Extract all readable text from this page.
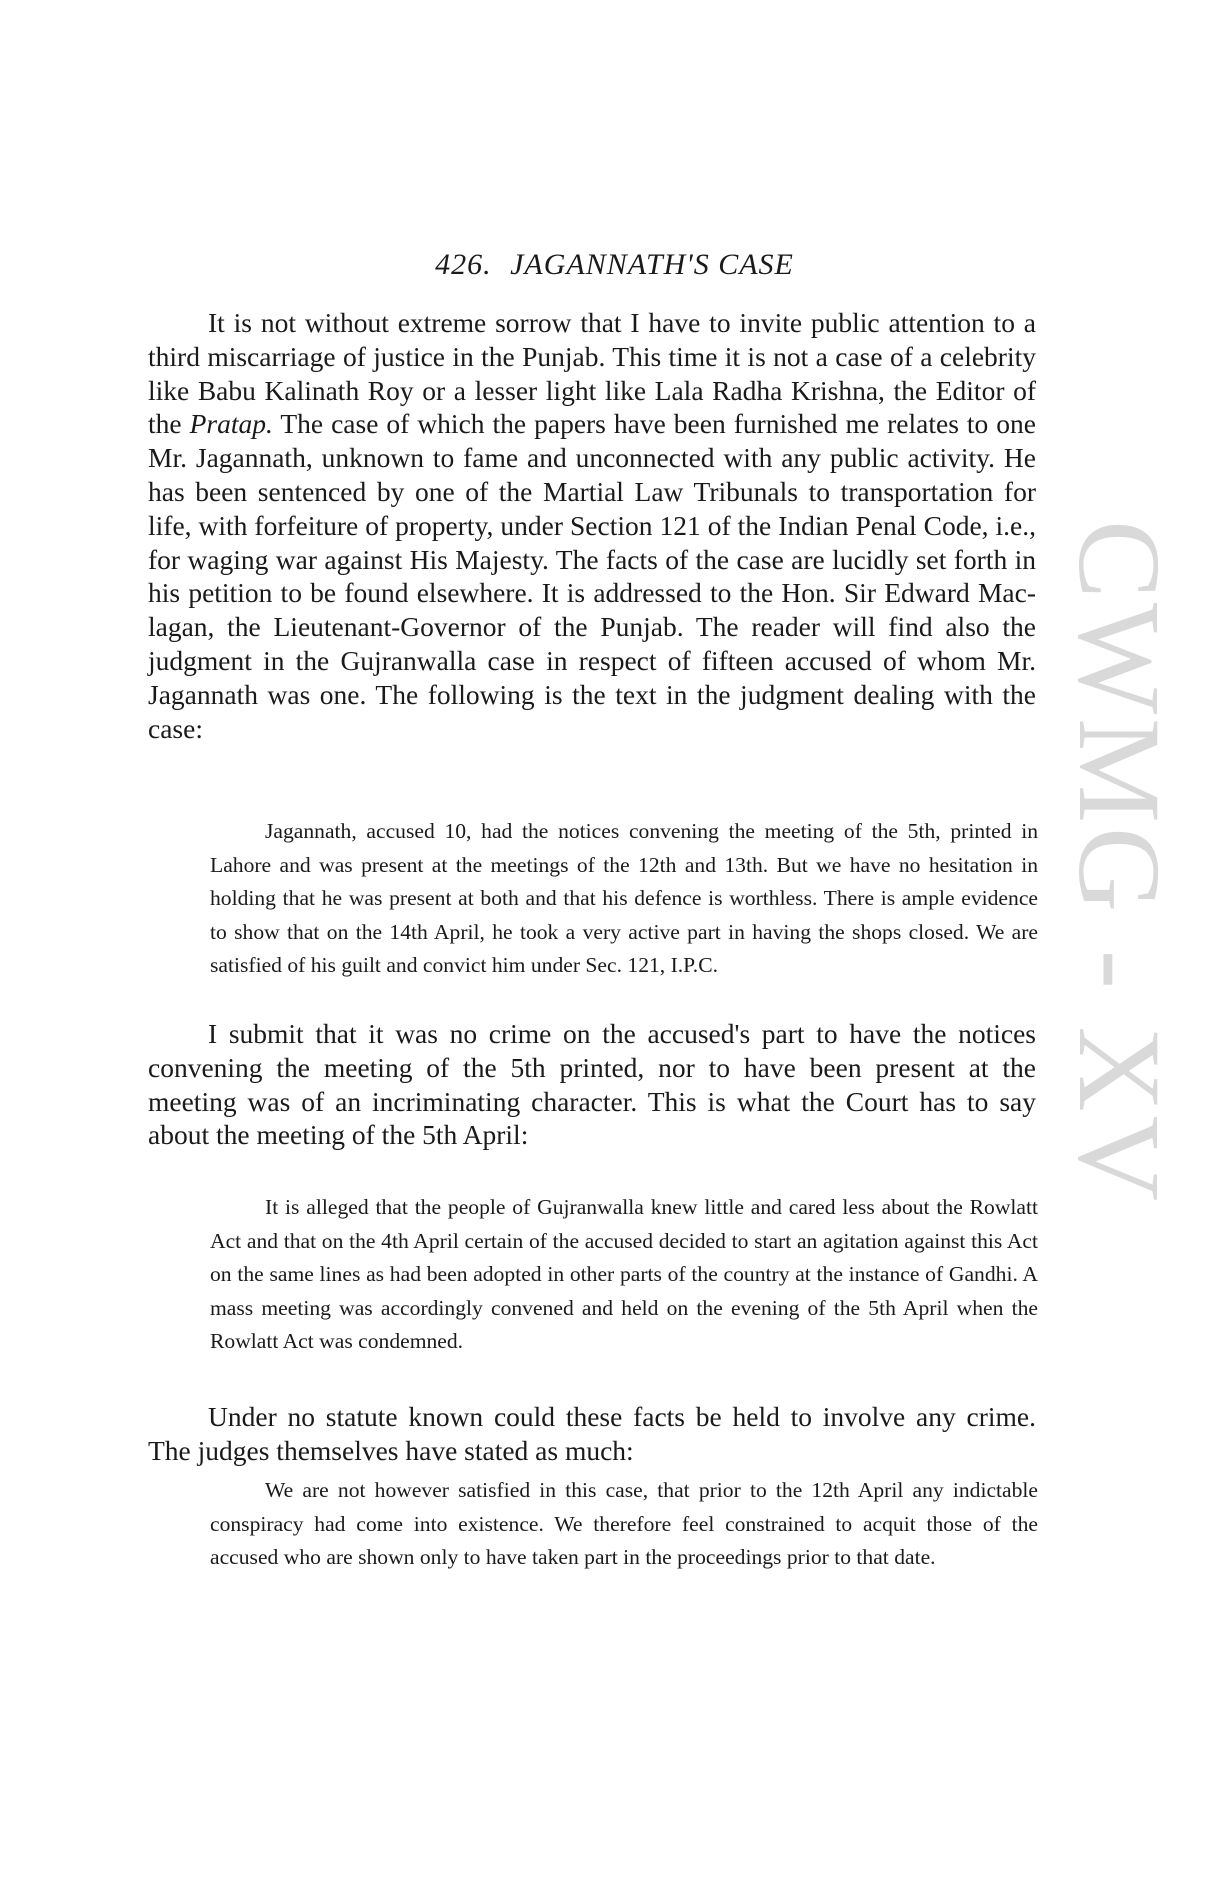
CWMG - XV
426. JAGANNATH'S CASE

It is not without extreme sorrow that I have to invite public attention to a third miscarriage of justice in the Punjab. This time it is not a case of a celebrity like Babu Kalinath Roy or a lesser light like Lala Radha Krishna, the Editor of the Pratap. The case of which the papers have been furnished me relates to one Mr. Jagannath, unknown to fame and unconnected with any public activity. He has been sentenced by one of the Martial Law Tribunals to transportation for life, with forfeiture of property, under Section 121 of the Indian Penal Code, i.e., for waging war against His Majesty. The facts of the case are lucidly set forth in his petition to be found elsewhere. It is addressed to the Hon. Sir Edward Maclagan, the Lieutenant-Governor of the Punjab. The reader will find also the judgment in the Gujranwalla case in respect of fifteen accused of whom Mr. Jagannath was one. The following is the text in the judgment dealing with the case:

Jagannath, accused 10, had the notices convening the meeting of the 5th, printed in Lahore and was present at the meetings of the 12th and 13th. But we have no hesitation in holding that he was present at both and that his defence is worthless. There is ample evidence to show that on the 14th April, he took a very active part in having the shops closed. We are satisfied of his guilt and convict him under Sec. 121, I.P.C.

I submit that it was no crime on the accused's part to have the notices convening the meeting of the 5th printed, nor to have been present at the meeting was of an incriminating character. This is what the Court has to say about the meeting of the 5th April:

It is alleged that the people of Gujranwalla knew little and cared less about the Rowlatt Act and that on the 4th April certain of the accused decided to start an agitation against this Act on the same lines as had been adopted in other parts of the country at the instance of Gandhi. A mass meeting was accordingly convened and held on the evening of the 5th April when the Rowlatt Act was condemned.

Under no statute known could these facts be held to involve any crime. The judges themselves have stated as much:

We are not however satisfied in this case, that prior to the 12th April any indictable conspiracy had come into existence. We therefore feel constrained to acquit those of the accused who are shown only to have taken part in the proceedings prior to that date.
